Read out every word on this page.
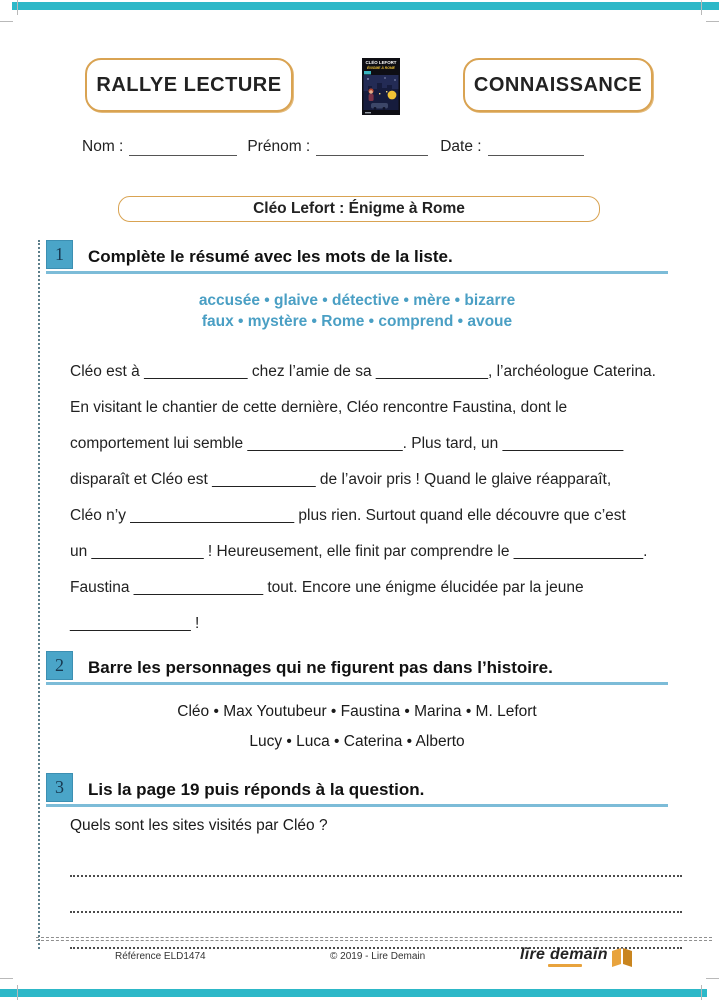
RALLYE LECTURE
CLÉO LEFORT
ÉNIGME À ROME
CONNAISSANCE
Nom :	Prénom :	Date :
Cléo Lefort : Énigme à Rome
1 Complète le résumé avec les mots de la liste.
accusée • glaive • détective • mère • bizarre
faux • mystère • Rome • comprend • avoue

Cléo est à ____________ chez l’amie de sa _____________, l’archéologue Caterina.

En visitant le chantier de cette dernière, Cléo rencontre Faustina, dont le

comportement lui semble __________________. Plus tard, un ______________

disparaît et Cléo est ____________ de l’avoir pris ! Quand le glaive réapparaît,

Cléo n’y ___________________ plus rien. Surtout quand elle découvre que c’est

un _____________ ! Heureusement, elle finit par comprendre le _______________.

Faustina _______________ tout. Encore une énigme élucidée par la jeune

______________ !

2 Barre les personnages qui ne figurent pas dans l’histoire.
Cléo • Max Youtubeur • Faustina • Marina • M. Lefort
Lucy • Luca • Caterina • Alberto
3 Lis la page 19 puis réponds à la question.
Quels sont les sites visités par Cléo ?
Référence ELD1474	© 2019 - Lire Demain	lire demain
